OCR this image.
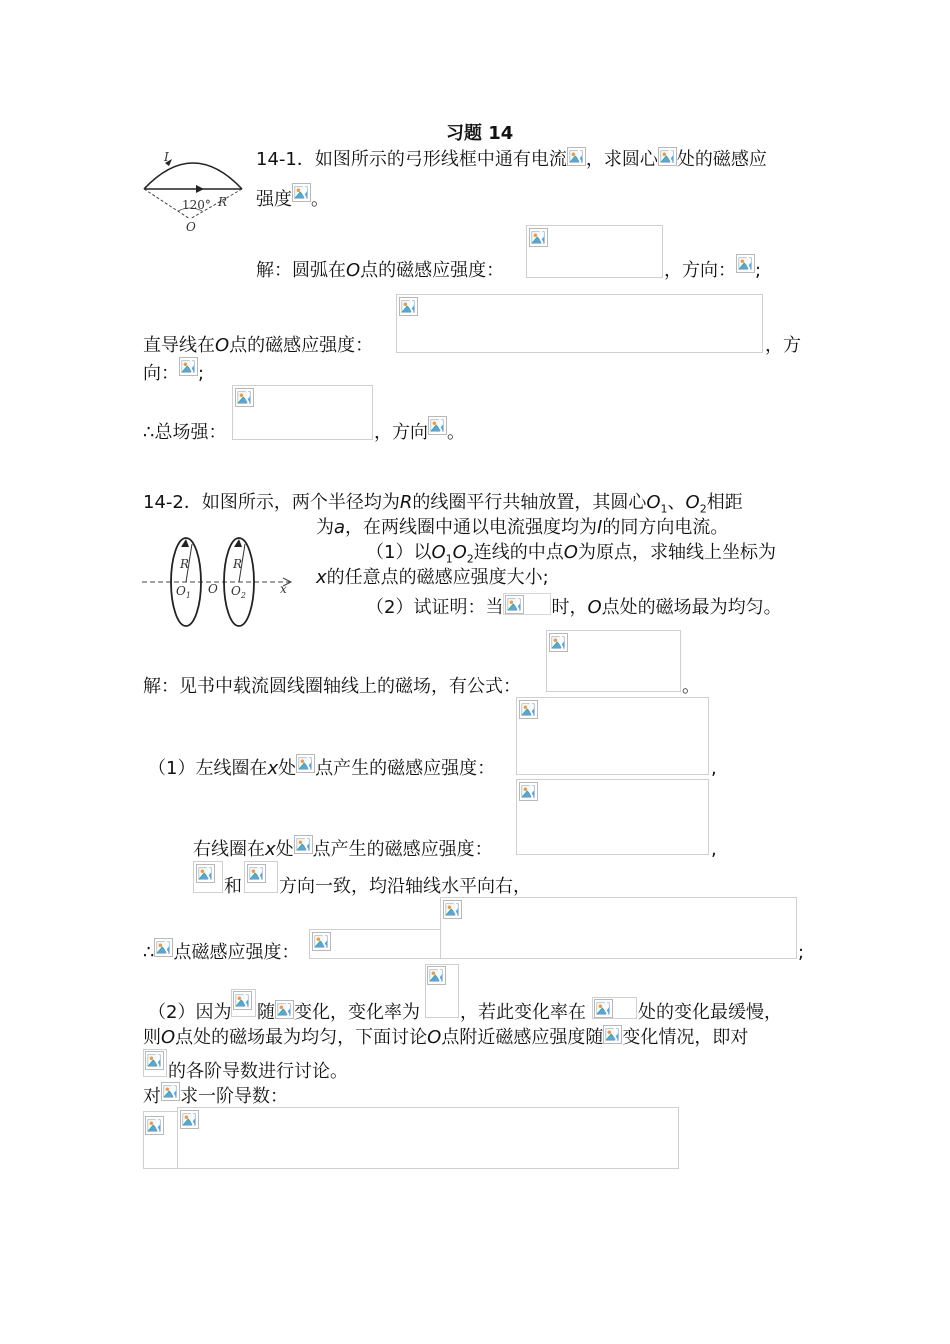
习题 14
I
R
120°
O
14-1．如图所示的弓形线框中通有电流 ，求圆心 处的磁感应
强度 。
解：圆弧在O点的磁感应强度：	，方向： ;
直导线在O点的磁感应强度：	，方
向： ;
∴总场强：	，方向 。
14-2．如图所示，两个半径均为R的线圈平行共轴放置，其圆心$O_1$、$O_2$相距
为a，在两线圈中通以电流强度均为I的同方向电流。
（1）以$O_1O_2$连线的中点O为原点，求轴线上坐标为
x的任意点的磁感应强度大小;
（2）试证明：当	时，O点处的磁场最为均匀。
R	R
$O_1$ O $O_2$	x
解：见书中载流圆线圈轴线上的磁场，有公式：	。
（1）左线圈在x处 点产生的磁感应强度：	,
右线圈在x处 点产生的磁感应强度：	,
和 方向一致，均沿轴线水平向右，
∴ 点磁感应强度：	;
（2）因为 随 变化，变化率为 ，若此变化率在	处的变化最缓慢，
则O点处的磁场最为均匀，下面讨论O点附近磁感应强度随 变化情况，即对
的各阶导数进行讨论。
对 求一阶导数：
